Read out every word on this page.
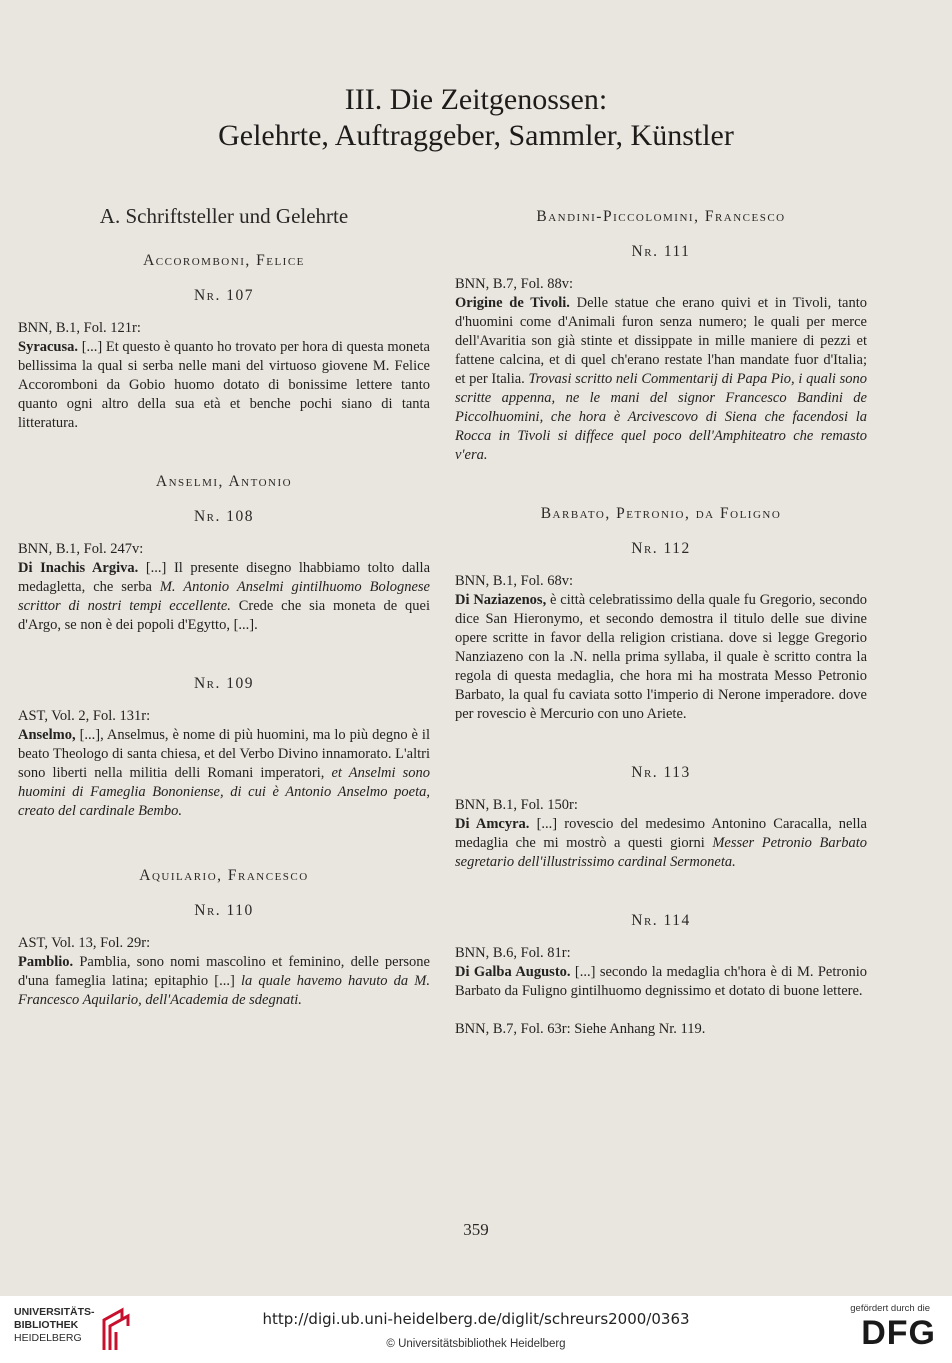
III. Die Zeitgenossen:
Gelehrte, Auftraggeber, Sammler, Künstler
A. Schriftsteller und Gelehrte
Accoromboni, Felice
Nr. 107

BNN, B.1, Fol. 121r:

Syracusa. [...] Et questo è quanto ho trovato per hora di questa moneta bellissima la qual si serba nelle mani del virtuoso giovene M. Felice Accoromboni da Gobio huomo dotato di bonissime lettere tanto quanto ogni altro della sua età et benche pochi siano di tanta litteratura.

Anselmi, Antonio
Nr. 108

BNN, B.1, Fol. 247v:

Di Inachis Argiva. [...] Il presente disegno lhabbiamo tolto dalla medagletta, che serba M. Antonio Anselmi gintilhuomo Bolognese scrittor di nostri tempi eccellente. Crede che sia moneta de quei d'Argo, se non è dei popoli d'Egytto, [...].

Nr. 109

AST, Vol. 2, Fol. 131r:

Anselmo, [...], Anselmus, è nome di più huomini, ma lo più degno è il beato Theologo di santa chiesa, et del Verbo Divino innamorato. L'altri sono liberti nella militia delli Romani imperatori, et Anselmi sono huomini di Fameglia Bononiense, di cui è Antonio Anselmo poeta, creato del cardinale Bembo.

Aquilario, Francesco
Nr. 110

AST, Vol. 13, Fol. 29r:

Pamblio. Pamblia, sono nomi mascolino et feminino, delle persone d'una fameglia latina; epitaphio [...] la quale havemo havuto da M. Francesco Aquilario, dell'Academia de sdegnati.

Bandini-Piccolomini, Francesco
Nr. 111

BNN, B.7, Fol. 88v:

Origine de Tivoli. Delle statue che erano quivi et in Tivoli, tanto d'huomini come d'Animali furon senza numero; le quali per merce dell'Avaritia son già stinte et dissippate in mille maniere di pezzi et fattene calcina, et di quel ch'erano restate l'han mandate fuor d'Italia; et per Italia. Trovasi scritto neli Commentarij di Papa Pio, i quali sono scritte appenna, ne le mani del signor Francesco Bandini de Piccolhuomini, che hora è Arcivescovo di Siena che facendosi la Rocca in Tivoli si diffece quel poco dell'Amphiteatro che remasto v'era.

Barbato, Petronio, da Foligno
Nr. 112

BNN, B.1, Fol. 68v:

Di Naziazenos, è città celebratissimo della quale fu Gregorio, secondo dice San Hieronymo, et secondo demostra il titulo delle sue divine opere scritte in favor della religion cristiana. dove si legge Gregorio Nanziazeno con la .N. nella prima syllaba, il quale è scritto contra la regola di questa medaglia, che hora mi ha mostrata Messo Petronio Barbato, la qual fu caviata sotto l'imperio di Nerone imperadore. dove per rovescio è Mercurio con uno Ariete.

Nr. 113

BNN, B.1, Fol. 150r:

Di Amcyra. [...] rovescio del medesimo Antonino Caracalla, nella medaglia che mi mostrò a questi giorni Messer Petronio Barbato segretario dell'illustrissimo cardinal Sermoneta.

Nr. 114

BNN, B.6, Fol. 81r:

Di Galba Augusto. [...] secondo la medaglia ch'hora è di M. Petronio Barbato da Fuligno gintilhuomo degnissimo et dotato di buone lettere.

BNN, B.7, Fol. 63r: Siehe Anhang Nr. 119.

359
UNIVERSITÄTS-
BIBLIOTHEK
HEIDELBERG
http://digi.ub.uni-heidelberg.de/diglit/schreurs2000/0363
© Universitätsbibliothek Heidelberg
gefördert durch die
DFG
